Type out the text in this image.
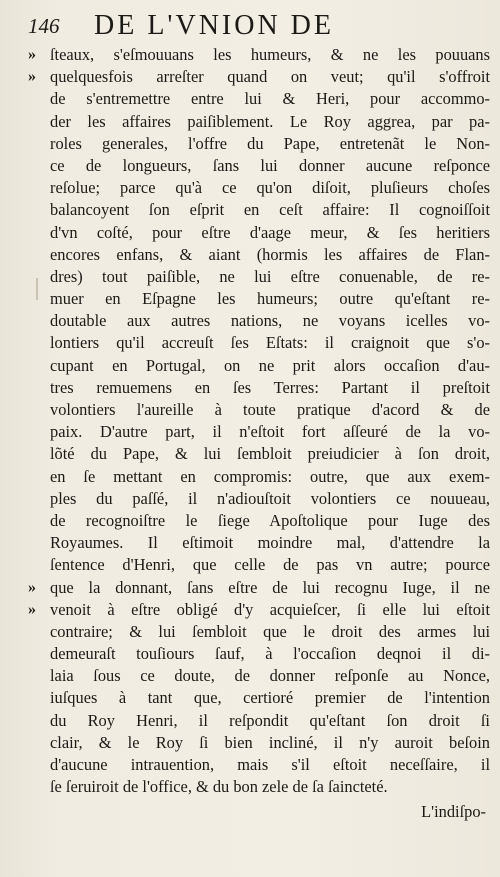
146 DE L'VNION DE
» ſteaux, s'eſmouuans les humeurs, & ne les pouuans
» quelquesfois arreſter quand on veut; qu'il s'offroit
de s'entremettre entre lui & Heri, pour accommo-
der les affaires paiſiblement. Le Roy aggrea, par pa-
roles generales, l'offre du Pape, entretenãt le Non-
ce de longueurs, ſans lui donner aucune reſponce
reſolue; parce qu'à ce qu'on diſoit, pluſieurs choſes
balancoyent ſon eſprit en ceſt affaire: Il cognoiſſoit
d'vn coſté, pour eſtre d'aage meur, & ſes heritiers
encores enfans, & aiant (hormis les affaires de Flan-
dres) tout paiſible, ne lui eſtre conuenable, de re-
muer en Eſpagne les humeurs; outre qu'eſtant re-
doutable aux autres nations, ne voyans icelles vo-
lontiers qu'il accreuſt ſes Eſtats: il craignoit que s'o-
cupant en Portugal, on ne prit alors occaſion d'au-
tres remuemens en ſes Terres: Partant il preſtoit
volontiers l'aureille à toute pratique d'acord & de
paix. D'autre part, il n'eſtoit fort aſſeuré de la vo-
lõté du Pape, & lui ſembloit preiudicier à ſon droit,
en ſe mettant en compromis: outre, que aux exem-
ples du paſſé, il n'adiouſtoit volontiers ce nouueau,
de recognoiſtre le ſiege Apoſtolique pour Iuge des
Royaumes. Il eſtimoit moindre mal, d'attendre la
ſentence d'Henri, que celle de pas vn autre; pource
» que la donnant, ſans eſtre de lui recognu Iuge, il ne
» venoit à eſtre obligé d'y acquieſcer, ſi elle lui eſtoit
contraire; & lui ſembloit que le droit des armes lui
demeuraſt touſiours ſauf, à l'occaſion deqnoi il di-
laia ſous ce doute, de donner reſponſe au Nonce,
iuſques à tant que, certioré premier de l'intention
du Roy Henri, il reſpondit qu'eſtant ſon droit ſi
clair, & le Roy ſi bien incliné, il n'y auroit beſoin
d'aucune intrauention, mais s'il eſtoit neceſſaire, il
ſe ſeruiroit de l'office, & du bon zele de ſa ſaincteté.
L'indiſpo-
